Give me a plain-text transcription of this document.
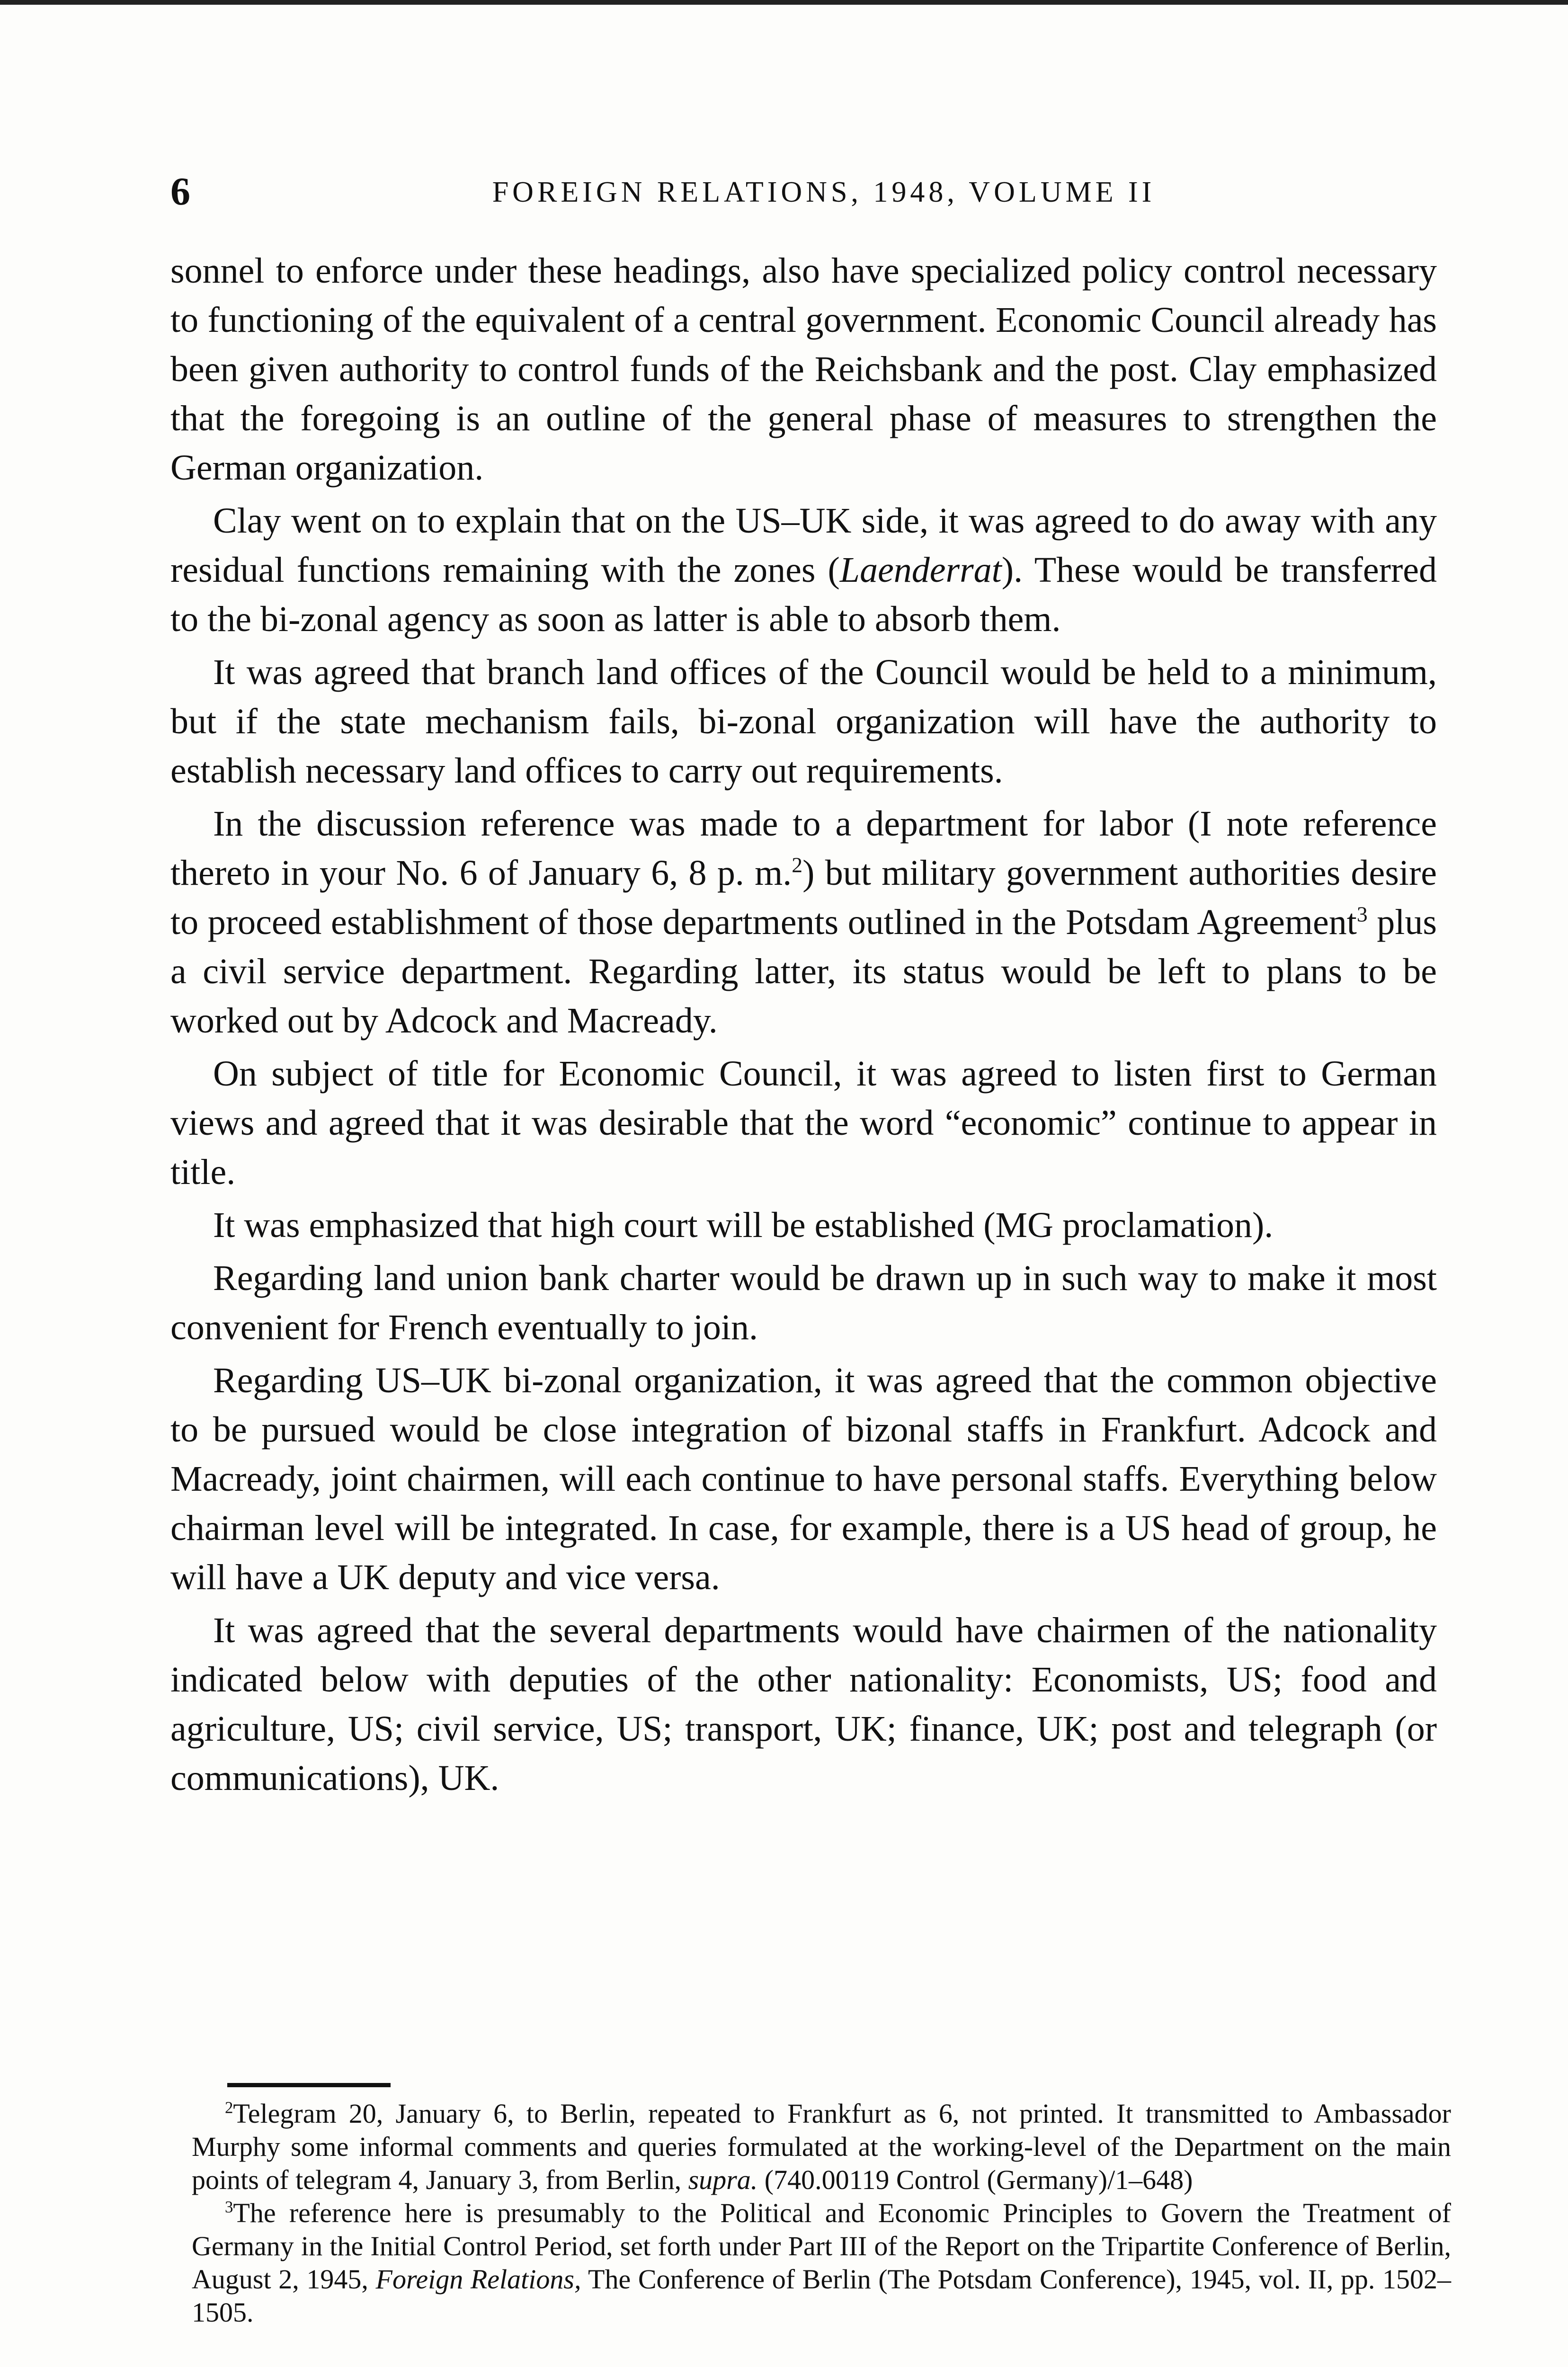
6	FOREIGN RELATIONS, 1948, VOLUME II

sonnel to enforce under these headings, also have specialized policy control necessary to functioning of the equivalent of a central government. Economic Council already has been given authority to control funds of the Reichsbank and the post. Clay emphasized that the foregoing is an outline of the general phase of measures to strengthen the German organization.

Clay went on to explain that on the US–UK side, it was agreed to do away with any residual functions remaining with the zones (Laenderrat). These would be transferred to the bi-zonal agency as soon as latter is able to absorb them.

It was agreed that branch land offices of the Council would be held to a minimum, but if the state mechanism fails, bi-zonal organization will have the authority to establish necessary land offices to carry out requirements.

In the discussion reference was made to a department for labor (I note reference thereto in your No. 6 of January 6, 8 p. m.$^2$) but military government authorities desire to proceed establishment of those departments outlined in the Potsdam Agreement$^3$ plus a civil service department. Regarding latter, its status would be left to plans to be worked out by Adcock and Macready.

On subject of title for Economic Council, it was agreed to listen first to German views and agreed that it was desirable that the word “economic” continue to appear in title.

It was emphasized that high court will be established (MG proclamation).

Regarding land union bank charter would be drawn up in such way to make it most convenient for French eventually to join.

Regarding US–UK bi-zonal organization, it was agreed that the common objective to be pursued would be close integration of bizonal staffs in Frankfurt. Adcock and Macready, joint chairmen, will each continue to have personal staffs. Everything below chairman level will be integrated. In case, for example, there is a US head of group, he will have a UK deputy and vice versa.

It was agreed that the several departments would have chairmen of the nationality indicated below with deputies of the other nationality: Economists, US; food and agriculture, US; civil service, US; transport, UK; finance, UK; post and telegraph (or communications), UK.

$^2$Telegram 20, January 6, to Berlin, repeated to Frankfurt as 6, not printed. It transmitted to Ambassador Murphy some informal comments and queries formulated at the working-level of the Department on the main points of telegram 4, January 3, from Berlin, supra. (740.00119 Control (Germany)/1–648)

$^3$The reference here is presumably to the Political and Economic Principles to Govern the Treatment of Germany in the Initial Control Period, set forth under Part III of the Report on the Tripartite Conference of Berlin, August 2, 1945, Foreign Relations, The Conference of Berlin (The Potsdam Conference), 1945, vol. II, pp. 1502–1505.
